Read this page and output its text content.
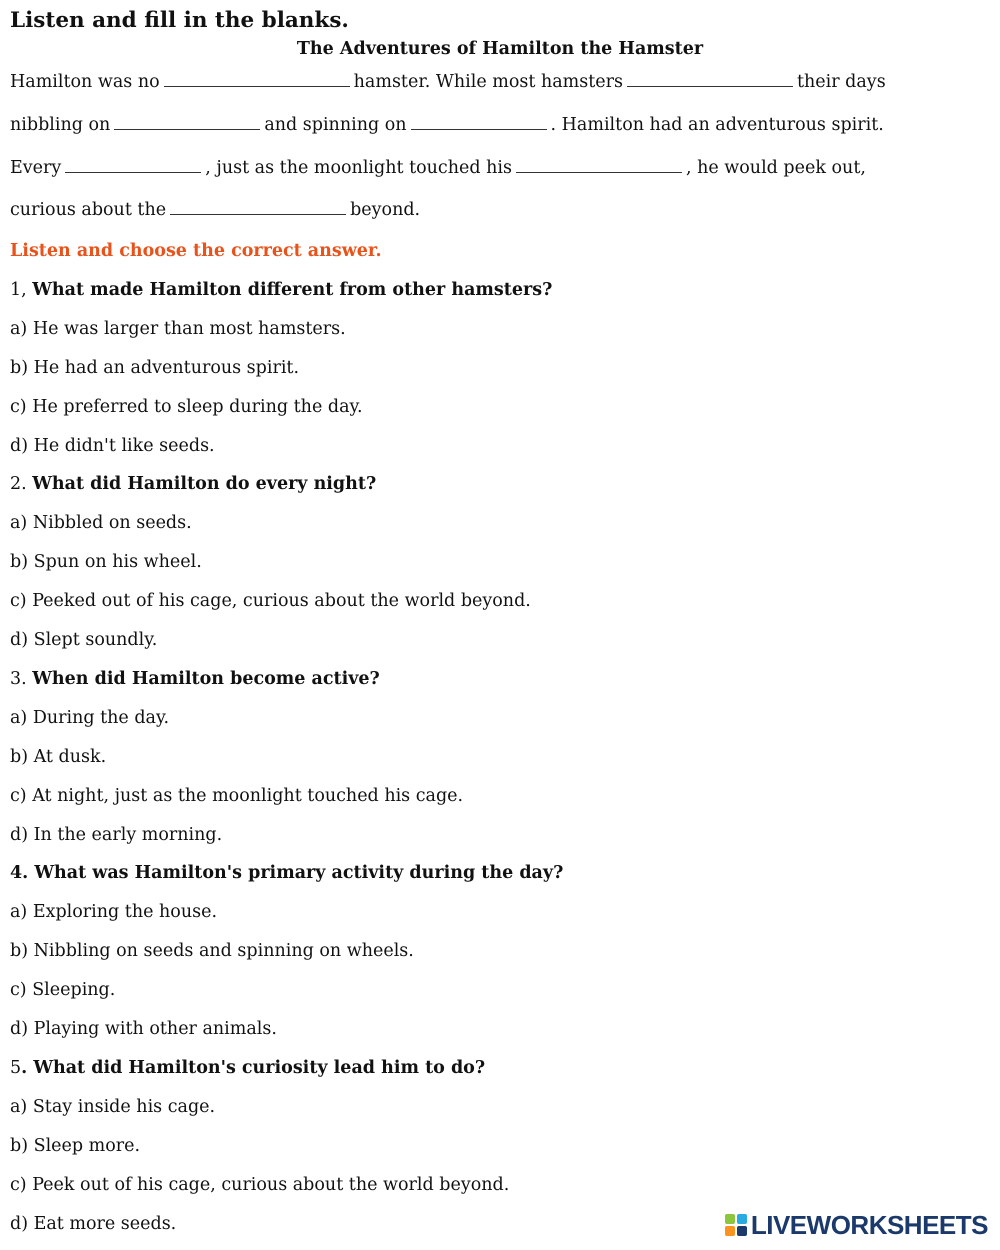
Listen and fill in the blanks.
The Adventures of Hamilton the Hamster
Hamilton was no	hamster. While most hamsters	their days
nibbling on	and spinning on	. Hamilton had an adventurous spirit.
Every	, just as the moonlight touched his	, he would peek out,
curious about the	beyond.
Listen and choose the correct answer.
1, What made Hamilton different from other hamsters?
a) He was larger than most hamsters.
b) He had an adventurous spirit.
c) He preferred to sleep during the day.
d) He didn't like seeds.
2. What did Hamilton do every night?
a) Nibbled on seeds.
b) Spun on his wheel.
c) Peeked out of his cage, curious about the world beyond.
d) Slept soundly.
3. When did Hamilton become active?
a) During the day.
b) At dusk.
c) At night, just as the moonlight touched his cage.
d) In the early morning.
4. What was Hamilton's primary activity during the day?
a) Exploring the house.
b) Nibbling on seeds and spinning on wheels.
c) Sleeping.
d) Playing with other animals.
5. What did Hamilton's curiosity lead him to do?
a) Stay inside his cage.
b) Sleep more.
c) Peek out of his cage, curious about the world beyond.
d) Eat more seeds.	LIVEWORKSHEETS
